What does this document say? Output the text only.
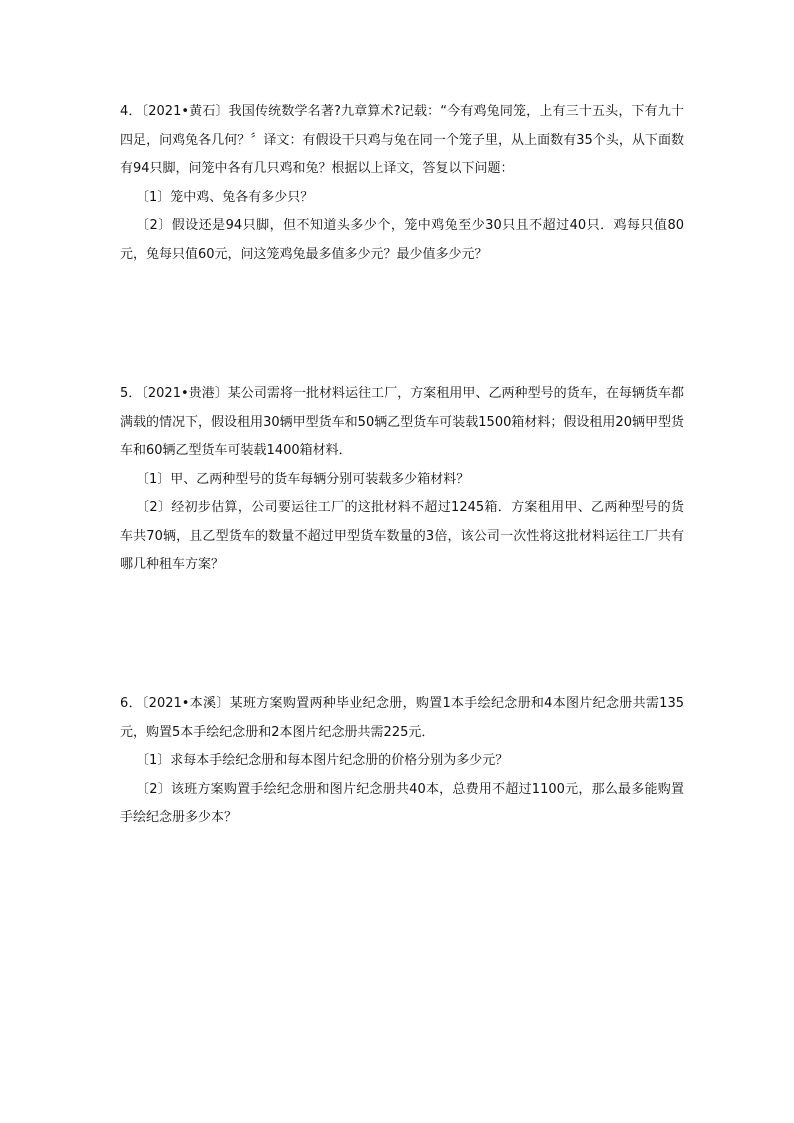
4．〔2021•黄石〕我国传统数学名著?九章算术?记载：“今有鸡兔同笼，上有三十五头，下有九十四足，问鸡兔各几何？〞译文：有假设干只鸡与兔在同一个笼子里，从上面数有35个头，从下面数有94只脚，问笼中各有几只鸡和兔？根据以上译文，答复以下问题：

〔1〕笼中鸡、兔各有多少只？

〔2〕假设还是94只脚，但不知道头多少个，笼中鸡兔至少30只且不超过40只．鸡每只值80元，兔每只值60元，问这笼鸡兔最多值多少元？最少值多少元？

5．〔2021•贵港〕某公司需将一批材料运往工厂，方案租用甲、乙两种型号的货车，在每辆货车都满载的情况下，假设租用30辆甲型货车和50辆乙型货车可装载1500箱材料；假设租用20辆甲型货车和60辆乙型货车可装载1400箱材料．

〔1〕甲、乙两种型号的货车每辆分别可装载多少箱材料？

〔2〕经初步估算，公司要运往工厂的这批材料不超过1245箱．方案租用甲、乙两种型号的货车共70辆，且乙型货车的数量不超过甲型货车数量的3倍，该公司一次性将这批材料运往工厂共有哪几种租车方案？

6．〔2021•本溪〕某班方案购置两种毕业纪念册，购置1本手绘纪念册和4本图片纪念册共需135元，购置5本手绘纪念册和2本图片纪念册共需225元．

〔1〕求每本手绘纪念册和每本图片纪念册的价格分别为多少元？

〔2〕该班方案购置手绘纪念册和图片纪念册共40本，总费用不超过1100元，那么最多能购置手绘纪念册多少本？
